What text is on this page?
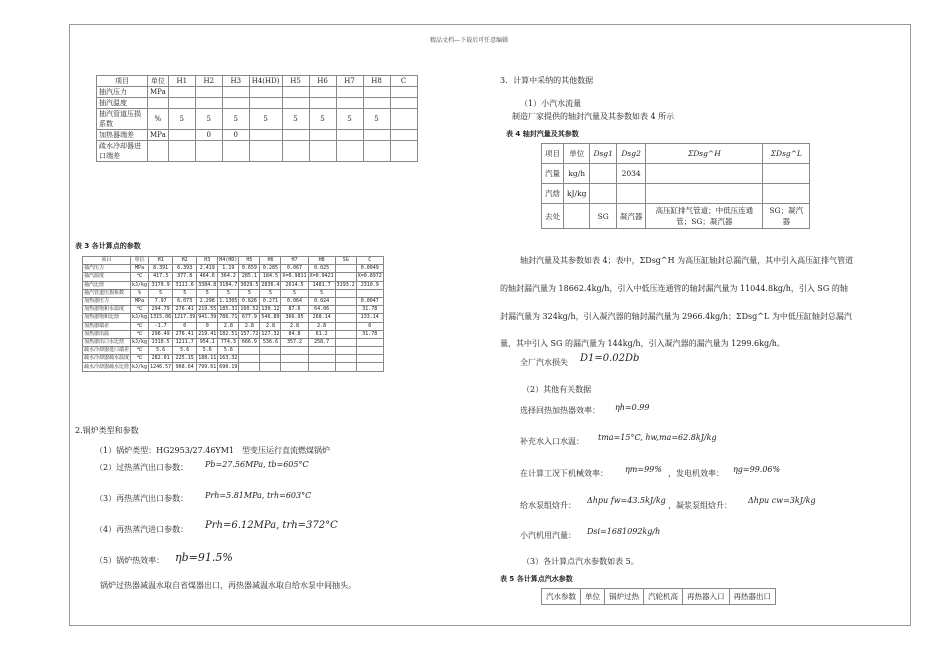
精品文档---下载后可任意编辑
项目	单位	H1	H2	H3	H4(HD)	H5	H6	H7	H8	C
抽汽压力	MPa									
抽汽温度										
抽汽管道压损系数	%	5	5	5	5	5	5	5	5	
加热器端差	MPa		0	0						
疏水冷却器进口端差										
表 3 各计算点的参数
项目	单位	H1	H2	H3	H4(HD)	H5	H6	H7	H8	SG	C
抽汽压力	MPa	8.391	6.393	2.419	1.19	0.659	0.285	0.067	0.025		0.0049
抽汽温度	℃	417.3	377.8	464.6	364.2	285.1	184.5	X=0.9811	X=0.9421		X=0.8972
抽汽比焓	kJ/kg	3179.9	3111.6	3384.8	3184.7	3029.5	2836.4	2614.5	1481.7	3193.2	2310.9
抽汽管道压损系数	%	5	5	5	5	5	5	5	5		
加热器压力	MPa	7.97	6.073	2.298	1.1305	0.626	0.271	0.064	0.024		0.0047
加热器饱和水温度	℃	294.79	276.41	219.55	185.31	160.52	130.12	87.6	64.06		31.78
加热器饱和比焓	kJ/kg	1315.06	1217.39	941.39	786.71	677.9	546.89	366.95	268.14		133.14
加热器端差	℃	-1.7	0	0	2.8	2.8	2.8	2.8	2.8		0
加热器出温	℃	296.49	276.41	219.41	182.51	157.72	127.32	84.8	61.2		31.78
加热器出口水比焓	kJ/kg	1310.5	1211.7	954.1	774.3	666.9	536.6	357.2	258.7		
疏水冷却器进口端差	℃	5.6	5.6	5.6	5.6						
疏水冷却器疏水温度	℃	282.01	225.15	188.11	163.32						
疏水冷却器疏水比焓	kJ/kg	1246.57	968.64	799.61	690.19						
2.锅炉类型和参数
（1）锅炉类型：HG2953/27.46YM1　型变压运行直流燃煤锅炉
（2）过热蒸汽出口参数： Pb=27.56MPa, tb=605°C
（3）再热蒸汽出口参数： Prh=5.81MPa, trh=603°C
（4）再热蒸汽进口参数： Prh=6.12MPa, trh=372°C
（5）锅炉热效率： ηb=91.5%
锅炉过热器减温水取自省煤器出口，再热器减温水取自给水泵中间抽头。
3．计算中采纳的其他数据
（1）小汽水流量
制造厂家提供的轴封汽量及其参数如表 4 所示
表 4 轴封汽量及其参数
项目	单位	Dsg1	Dsg2	ΣDsg^H	ΣDsg^L
汽量	kg/h		2034		
汽焓	kJ/kg				
去处		SG	凝汽器	高压缸排气管道；中低压连通管；SG；凝汽器	SG；凝汽器
轴封汽量及其参数如表 4；表中，ΣDsg^H 为高压缸轴封总漏汽量，其中引入高压缸排气管道
的轴封漏汽量为 18662.4kg/h，引入中低压连通管的轴封漏汽量为 11044.8kg/h，引入 SG 的轴
封漏汽量为 324kg/h，引入凝汽器的轴封漏汽量为 2966.4kg/h；ΣDsg^L 为中低压缸轴封总漏汽
量，其中引入 SG 的漏汽量为 144kg/h，引入凝汽器的漏汽量为 1299.6kg/h。
全厂汽水损失 D1=0.02Db
（2）其他有关数据
选择回热加热器效率： ηh=0.99
补充水入口水温： tma=15°C, hw,ma=62.8kJ/kg
在计算工况下机械效率： ηm=99% ，发电机效率： ηg=99.06%
给水泵组焓升：
Δhpu fw=43.5kJ/kg
，凝浆泵组焓升：
Δhpu cw=3kJ/kg
小汽机用汽量： Dsi=1681092kg/h
（3）各计算点汽水参数如表 5。
表 5 各计算点汽水参数
汽水参数	单位	锅炉过热	汽轮机高	再热器入口	再热器出口
